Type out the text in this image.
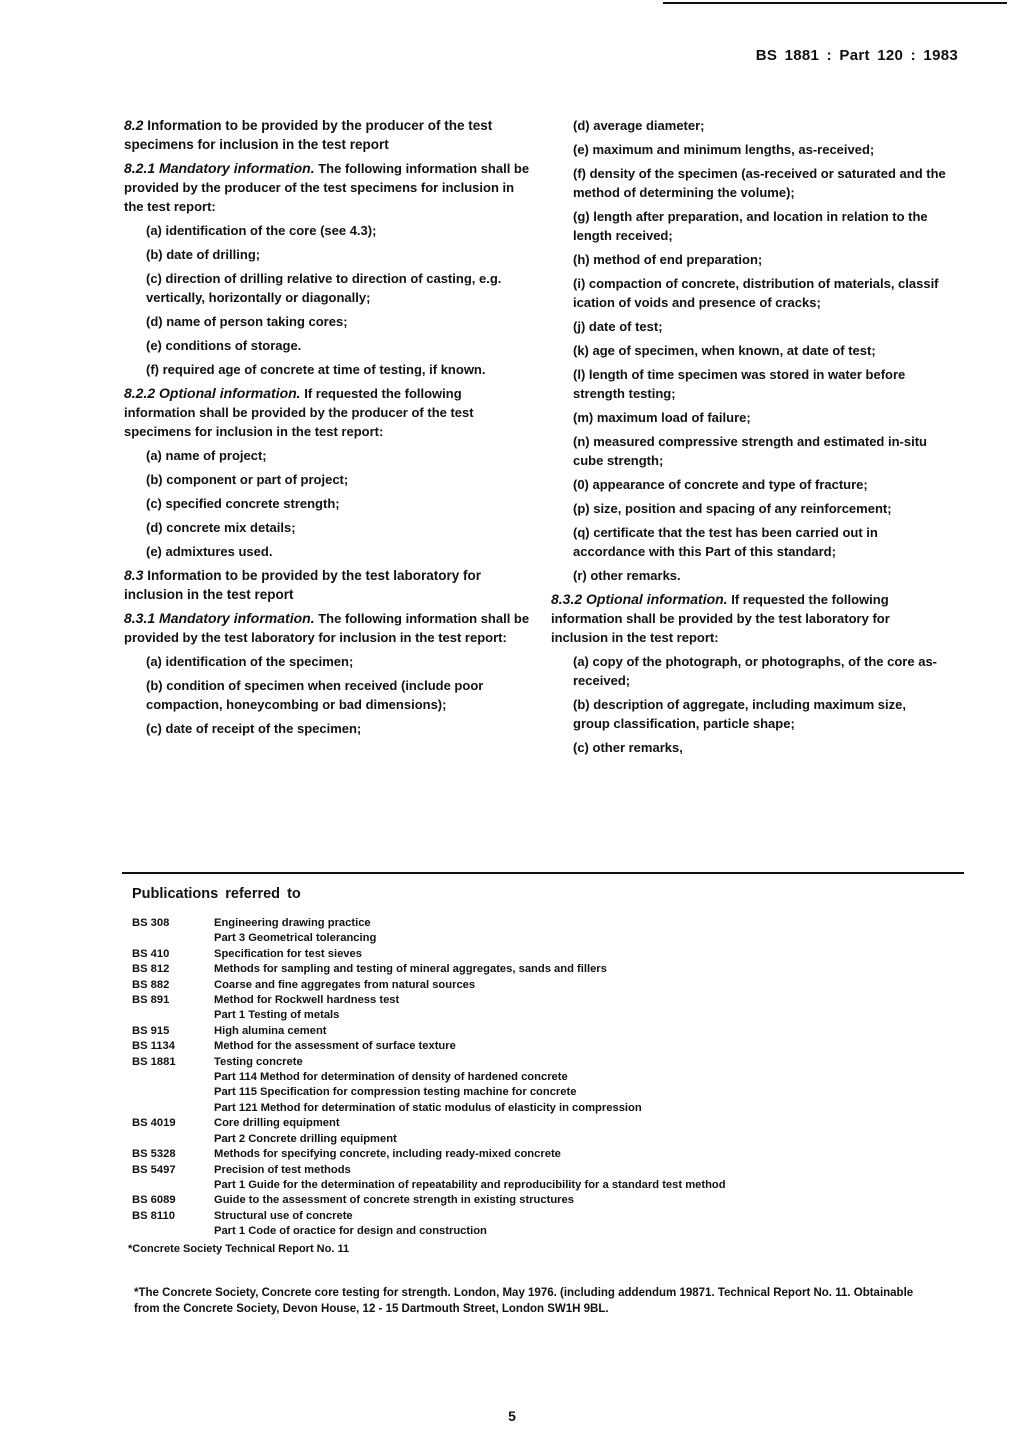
BS 1881 : Part 120 : 1983

8.2 Information to be provided by the producer of the test specimens for inclusion in the test report

8.2.1 Mandatory information. The following information shall be provided by the producer of the test specimens for inclusion in the test report:

(a) identification of the core (see 4.3);

(b) date of drilling;

(c) direction of drilling relative to direction of casting, e.g. vertically, horizontally or diagonally;

(d) name of person taking cores;

(e) conditions of storage.

(f) required age of concrete at time of testing, if known.

8.2.2 Optional information. If requested the following information shall be provided by the producer of the test specimens for inclusion in the test report:

(a) name of project;

(b) component or part of project;

(c) specified concrete strength;

(d) concrete mix details;

(e) admixtures used.

8.3 Information to be provided by the test laboratory for inclusion in the test report

8.3.1 Mandatory information. The following information shall be provided by the test laboratory for inclusion in the test report:

(a) identification of the specimen;

(b) condition of specimen when received (include poor compaction, honeycombing or bad dimensions);

(c) date of receipt of the specimen;

(d) average diameter;

(e) maximum and minimum lengths, as-received;

(f) density of the specimen (as-received or saturated and the method of determining the volume);

(g) length after preparation, and location in relation to the length received;

(h) method of end preparation;

(i) compaction of concrete, distribution of materials, classif ication of voids and presence of cracks;

(j) date of test;

(k) age of specimen, when known, at date of test;

(l) length of time specimen was stored in water before strength testing;

(m) maximum load of failure;

(n) measured compressive strength and estimated in-situ cube strength;

(0) appearance of concrete and type of fracture;

(p) size, position and spacing of any reinforcement;

(q) certificate that the test has been carried out in accordance with this Part of this standard;

(r) other remarks.

8.3.2 Optional information. If requested the following information shall be provided by the test laboratory for inclusion in the test report:

(a) copy of the photograph, or photographs, of the core as-received;

(b) description of aggregate, including maximum size, group classification, particle shape;

(c) other remarks,

Publications referred to
BS 308	Engineering drawing practice
Part 3 Geometrical tolerancing
BS 410	Specification for test sieves
BS 812	Methods for sampling and testing of mineral aggregates, sands and fillers
BS 882	Coarse and fine aggregates from natural sources
BS 891	Method for Rockwell hardness test
Part 1 Testing of metals
BS 915	High alumina cement
BS 1134	Method for the assessment of surface texture
BS 1881	Testing concrete
Part 114 Method for determination of density of hardened concrete
Part 115 Specification for compression testing machine for concrete
Part 121 Method for determination of static modulus of elasticity in compression
BS 4019	Core drilling equipment
Part 2 Concrete drilling equipment
BS 5328	Methods for specifying concrete, including ready-mixed concrete
BS 5497	Precision of test methods
Part 1 Guide for the determination of repeatability and reproducibility for a standard test method
BS 6089	Guide to the assessment of concrete strength in existing structures
BS 8110	Structural use of concrete
Part 1 Code of oractice for design and construction
*Concrete Society Technical Report No. 11
*The Concrete Society, Concrete core testing for strength. London, May 1976. (including addendum 19871. Technical Report No. 11. Obtainable from the Concrete Society, Devon House, 12 - 15 Dartmouth Street, London SW1H 9BL.
5
